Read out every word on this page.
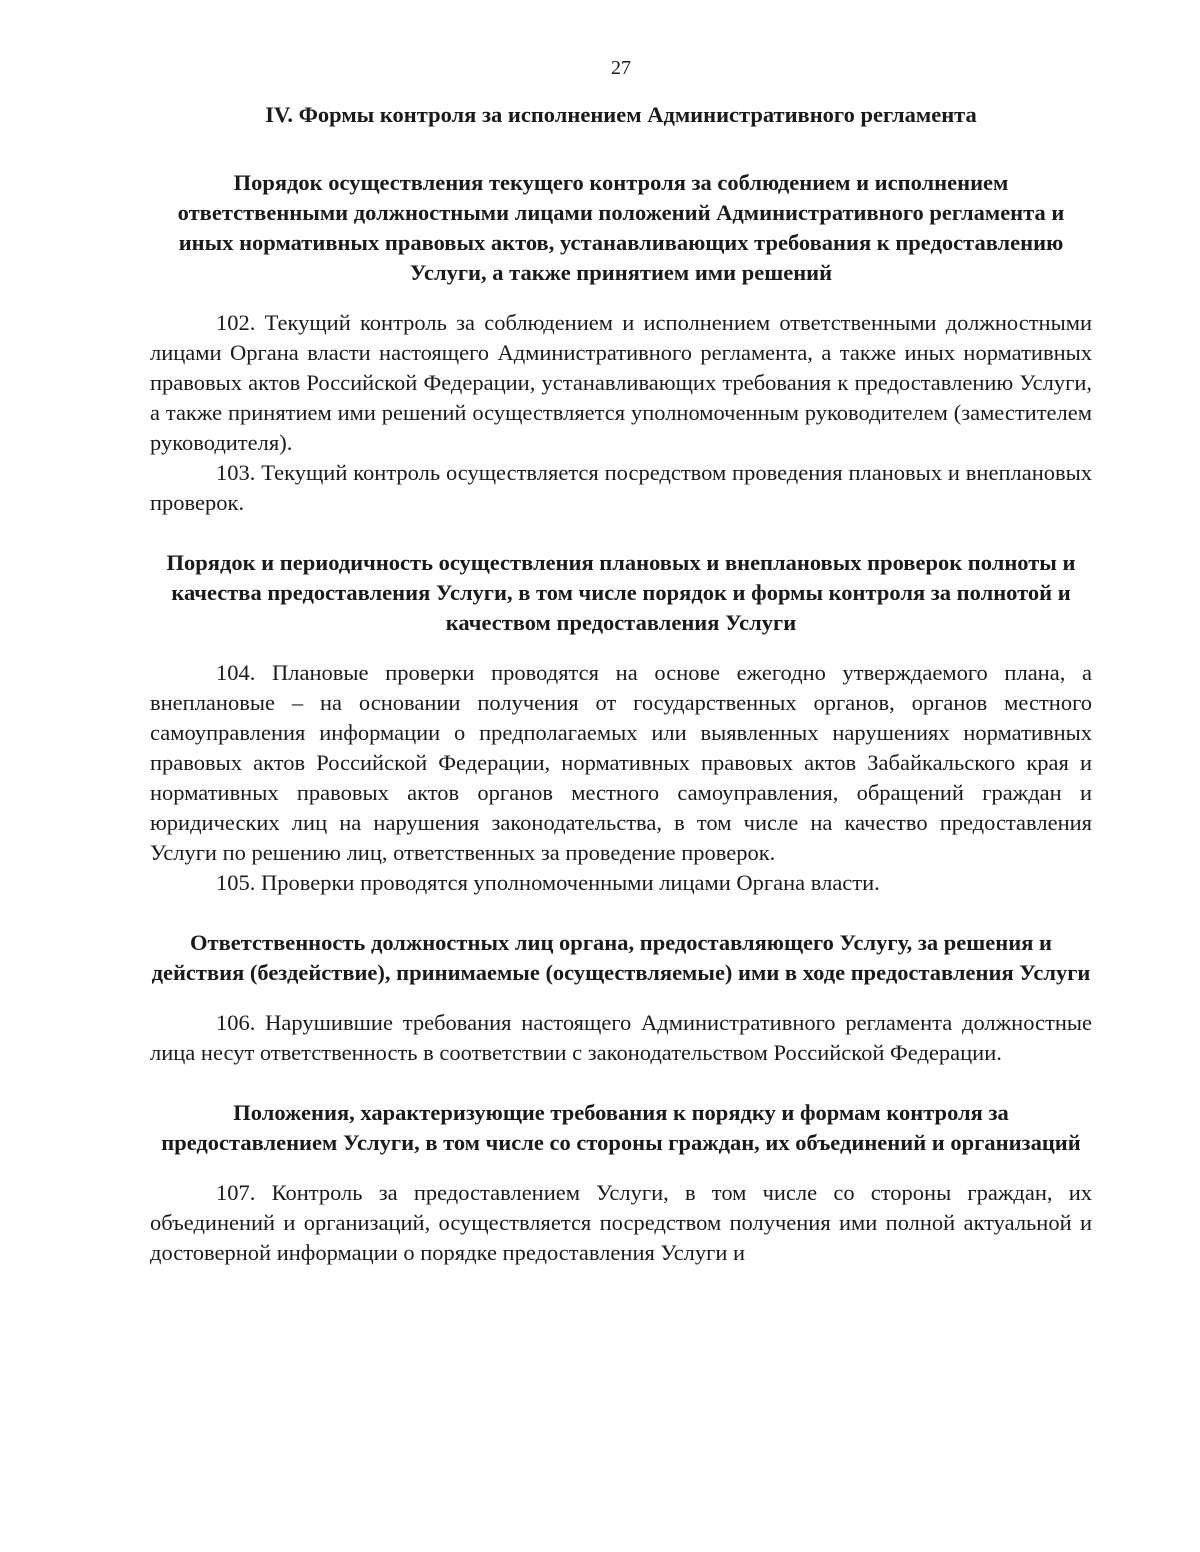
27
IV. Формы контроля за исполнением Административного регламента
Порядок осуществления текущего контроля за соблюдением и исполнением ответственными должностными лицами положений Административного регламента и иных нормативных правовых актов, устанавливающих требования к предоставлению Услуги, а также принятием ими решений

102. Текущий контроль за соблюдением и исполнением ответственными должностными лицами Органа власти настоящего Административного регламента, а также иных нормативных правовых актов Российской Федерации, устанавливающих требования к предоставлению Услуги, а также принятием ими решений осуществляется уполномоченным руководителем (заместителем руководителя).

103. Текущий контроль осуществляется посредством проведения плановых и внеплановых проверок.

Порядок и периодичность осуществления плановых и внеплановых проверок полноты и качества предоставления Услуги, в том числе порядок и формы контроля за полнотой и качеством предоставления Услуги

104. Плановые проверки проводятся на основе ежегодно утверждаемого плана, а внеплановые – на основании получения от государственных органов, органов местного самоуправления информации о предполагаемых или выявленных нарушениях нормативных правовых актов Российской Федерации, нормативных правовых актов Забайкальского края и нормативных правовых актов органов местного самоуправления, обращений граждан и юридических лиц на нарушения законодательства, в том числе на качество предоставления Услуги по решению лиц, ответственных за проведение проверок.

105. Проверки проводятся уполномоченными лицами Органа власти.

Ответственность должностных лиц органа, предоставляющего Услугу, за решения и действия (бездействие), принимаемые (осуществляемые) ими в ходе предоставления Услуги

106. Нарушившие требования настоящего Административного регламента должностные лица несут ответственность в соответствии с законодательством Российской Федерации.

Положения, характеризующие требования к порядку и формам контроля за предоставлением Услуги, в том числе со стороны граждан, их объединений и организаций

107. Контроль за предоставлением Услуги, в том числе со стороны граждан, их объединений и организаций, осуществляется посредством получения ими полной актуальной и достоверной информации о порядке предоставления Услуги и
